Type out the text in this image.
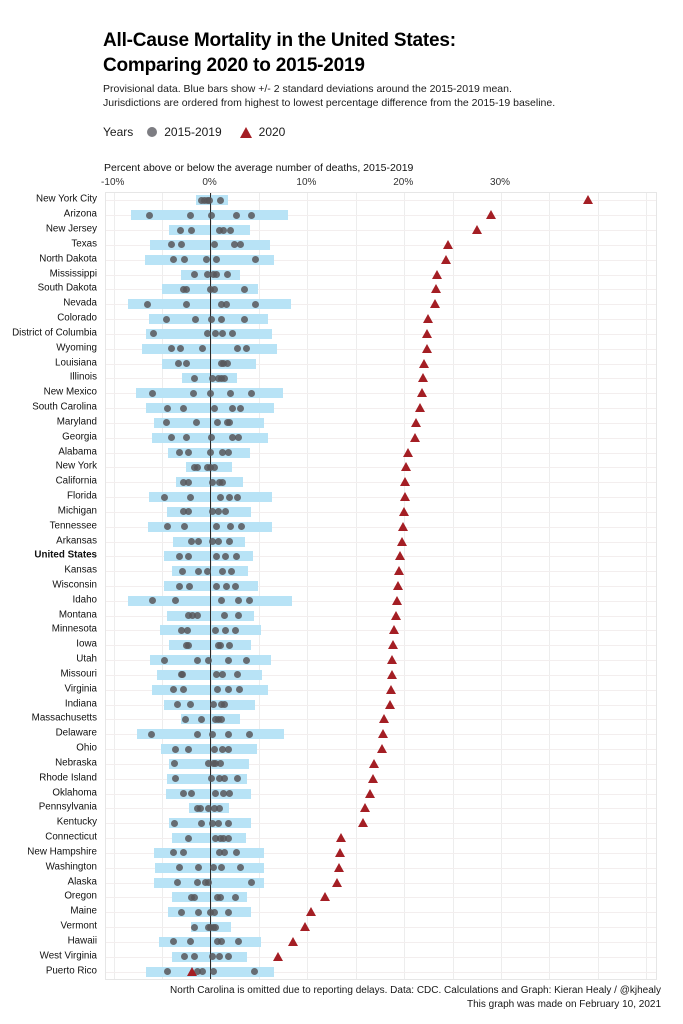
All-Cause Mortality in the United States:
Comparing 2020 to 2015-2019
Provisional data. Blue bars show +/- 2 standard deviations around the 2015-2019 mean.
Jurisdictions are ordered from highest to lowest percentage difference from the 2015-19 baseline.
Years	2015-2019	2020
Percent above or below the average number of deaths, 2015-2019
-10%	0%	10%	20%	30%
New York City
Arizona
New Jersey
Texas
North Dakota
Mississippi
South Dakota
Nevada
Colorado
District of Columbia
Wyoming
Louisiana
Illinois
New Mexico
South Carolina
Maryland
Georgia
Alabama
New York
California
Florida
Michigan
Tennessee
Arkansas
United States
Kansas
Wisconsin
Idaho
Montana
Minnesota
Iowa
Utah
Missouri
Virginia
Indiana
Massachusetts
Delaware
Ohio
Nebraska
Rhode Island
Oklahoma
Pennsylvania
Kentucky
Connecticut
New Hampshire
Washington
Alaska
Oregon
Maine
Vermont
Hawaii
West Virginia
Puerto Rico
North Carolina is omitted due to reporting delays. Data: CDC. Calculations and Graph: Kieran Healy / @kjhealy
This graph was made on February 10, 2021
